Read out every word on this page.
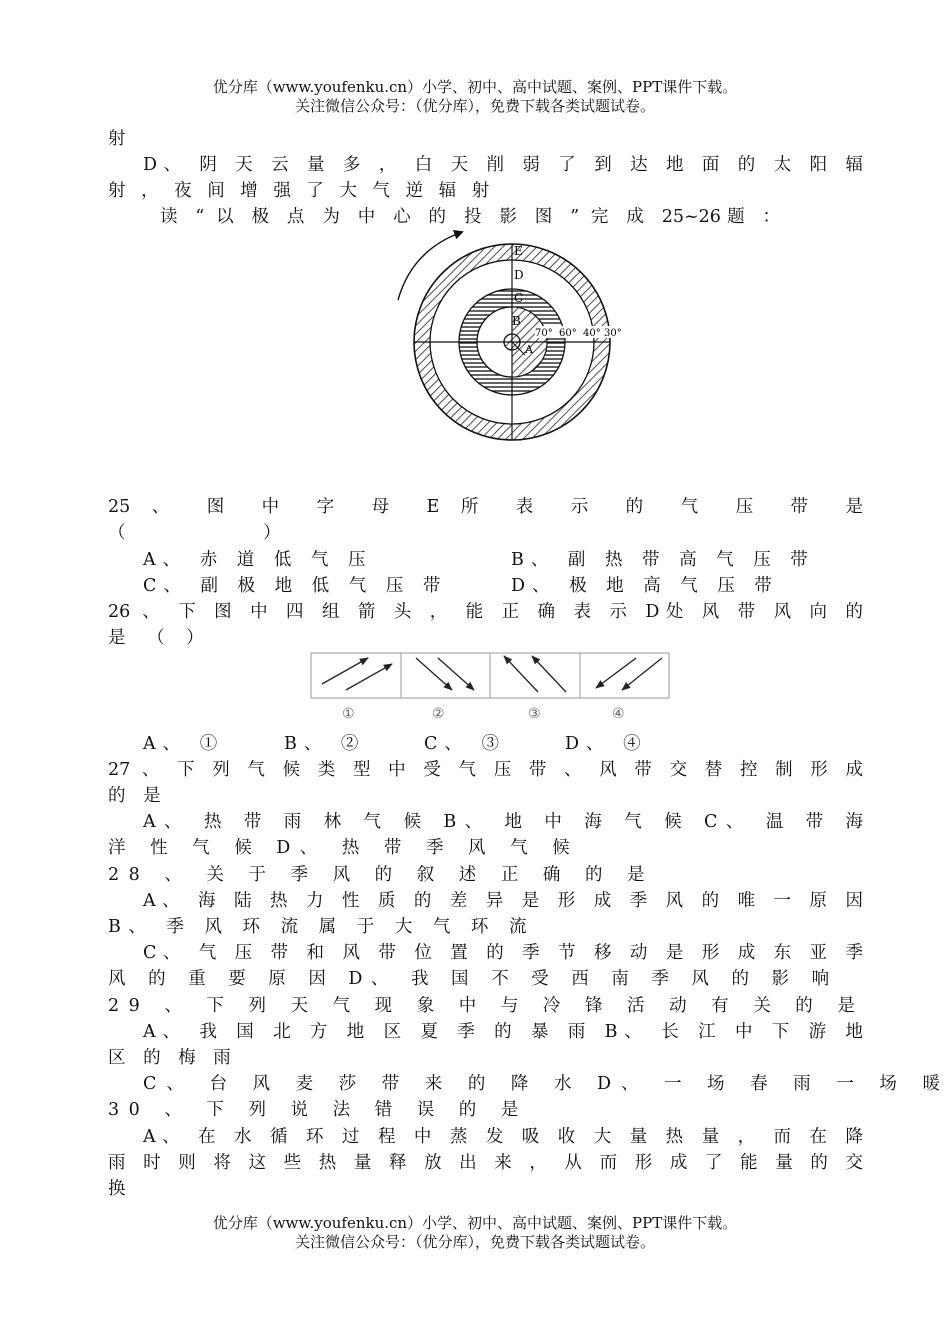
优分库（www.youfenku.cn）小学、初中、高中试题、案例、PPT课件下载。
关注微信公众号：（优分库），免费下载各类试题试卷。
射
D、 阴 天 云 量 多 ， 白 天 削 弱 了 到 达 地 面 的 太 阳 辐
射 ， 夜 间 增 强 了 大 气 逆 辐 射
读 “ 以 极 点 为 中 心 的 投 影 图 ” 完 成 25~26题 ：
A
B
C
D
E
70° 60° 40° 30°
25 、 图 中 字 母 E 所 表 示 的 气 压 带 是
（ ）
A、 赤 道 低 气 压	B、 副 热 带 高 气 压 带
C、 副 极 地 低 气 压 带	D、 极 地 高 气 压 带
26 、 下 图 中 四 组 箭 头 ， 能 正 确 表 示 D处 风 带 风 向 的
是 （ ）
①	②	③	④
A、 ①	B、 ②	C、 ③	D、 ④
27 、 下 列 气 候 类 型 中 受 气 压 带 、 风 带 交 替 控 制 形 成
的 是
A、 热 带 雨 林 气 候 B、 地 中 海 气 候 C、 温 带 海
洋 性 气 候 D、 热 带 季 风 气 候
28 、 关 于 季 风 的 叙 述 正 确 的 是
A、 海 陆 热 力 性 质 的 差 异 是 形 成 季 风 的 唯 一 原 因
B、 季 风 环 流 属 于 大 气 环 流
C、 气 压 带 和 风 带 位 置 的 季 节 移 动 是 形 成 东 亚 季
风 的 重 要 原 因 D、 我 国 不 受 西 南 季 风 的 影 响
29 、 下 列 天 气 现 象 中 与 冷 锋 活 动 有 关 的 是
A、 我 国 北 方 地 区 夏 季 的 暴 雨 B、 长 江 中 下 游 地
区 的 梅 雨
C、 台 风 麦 莎 带 来 的 降 水 D、 一 场 春 雨 一 场 暖
30 、 下 列 说 法 错 误 的 是
A、 在 水 循 环 过 程 中 蒸 发 吸 收 大 量 热 量 ， 而 在 降
雨 时 则 将 这 些 热 量 释 放 出 来 ， 从 而 形 成 了 能 量 的 交
换
优分库（www.youfenku.cn）小学、初中、高中试题、案例、PPT课件下载。
关注微信公众号：（优分库），免费下载各类试题试卷。
